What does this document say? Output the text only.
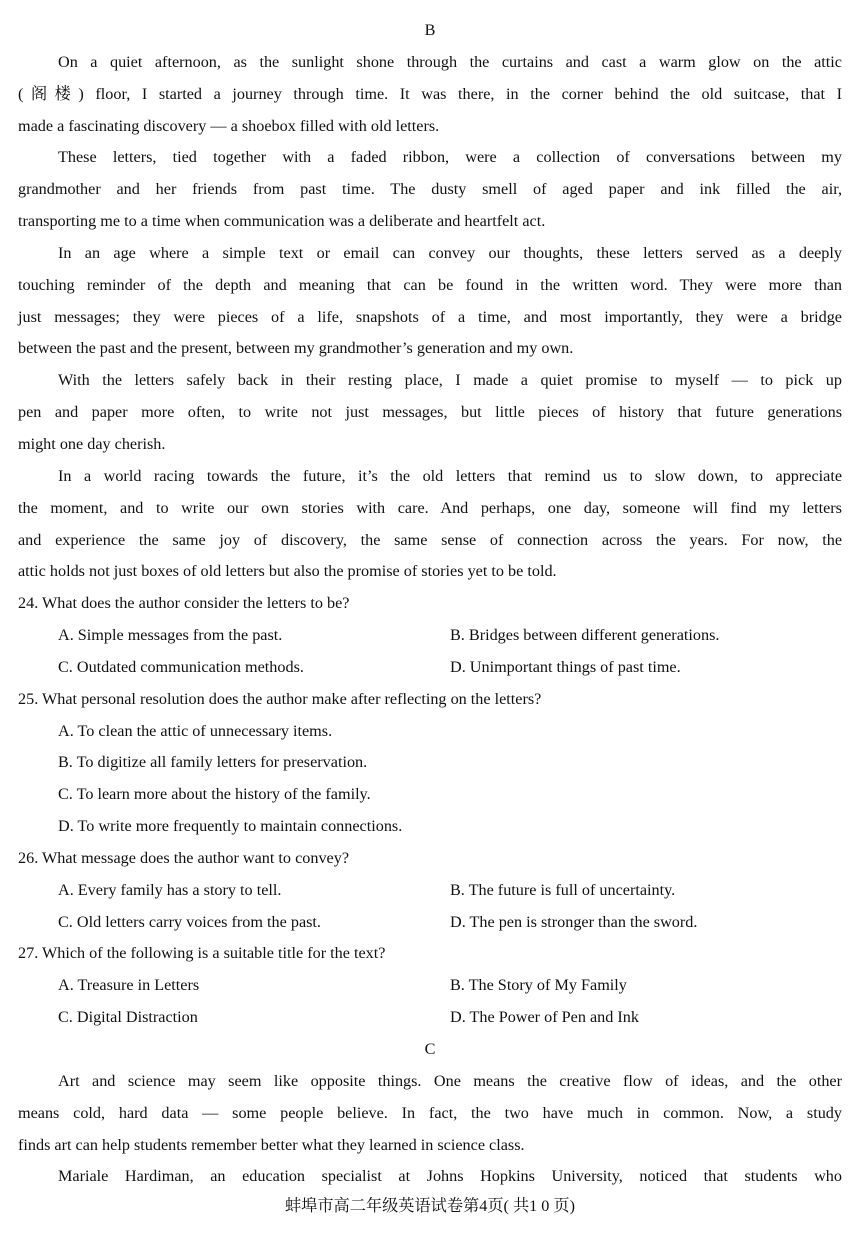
B
On a quiet afternoon, as the sunlight shone through the curtains and cast a warm glow on the attic
(阁楼) floor, I started a journey through time. It was there, in the corner behind the old suitcase, that I
made a fascinating discovery — a shoebox filled with old letters.
These letters, tied together with a faded ribbon, were a collection of conversations between my
grandmother and her friends from past time. The dusty smell of aged paper and ink filled the air,
transporting me to a time when communication was a deliberate and heartfelt act.
In an age where a simple text or email can convey our thoughts, these letters served as a deeply
touching reminder of the depth and meaning that can be found in the written word. They were more than
just messages; they were pieces of a life, snapshots of a time, and most importantly, they were a bridge
between the past and the present, between my grandmother’s generation and my own.
With the letters safely back in their resting place, I made a quiet promise to myself — to pick up
pen and paper more often, to write not just messages, but little pieces of history that future generations
might one day cherish.
In a world racing towards the future, it’s the old letters that remind us to slow down, to appreciate
the moment, and to write our own stories with care. And perhaps, one day, someone will find my letters
and experience the same joy of discovery, the same sense of connection across the years. For now, the
attic holds not just boxes of old letters but also the promise of stories yet to be told.
24. What does the author consider the letters to be?
A. Simple messages from the past.	B. Bridges between different generations.
C. Outdated communication methods.	D. Unimportant things of past time.
25. What personal resolution does the author make after reflecting on the letters?
A. To clean the attic of unnecessary items.
B. To digitize all family letters for preservation.
C. To learn more about the history of the family.
D. To write more frequently to maintain connections.
26. What message does the author want to convey?
A. Every family has a story to tell.	B. The future is full of uncertainty.
C. Old letters carry voices from the past.	D. The pen is stronger than the sword.
27. Which of the following is a suitable title for the text?
A. Treasure in Letters	B. The Story of My Family
C. Digital Distraction	D. The Power of Pen and Ink
C
Art and science may seem like opposite things. One means the creative flow of ideas, and the other
means cold, hard data — some people believe. In fact, the two have much in common. Now, a study
finds art can help students remember better what they learned in science class.
Mariale Hardiman, an education specialist at Johns Hopkins University, noticed that students who
蚌埠市高二年级英语试卷第4页( 共1 0 页)
